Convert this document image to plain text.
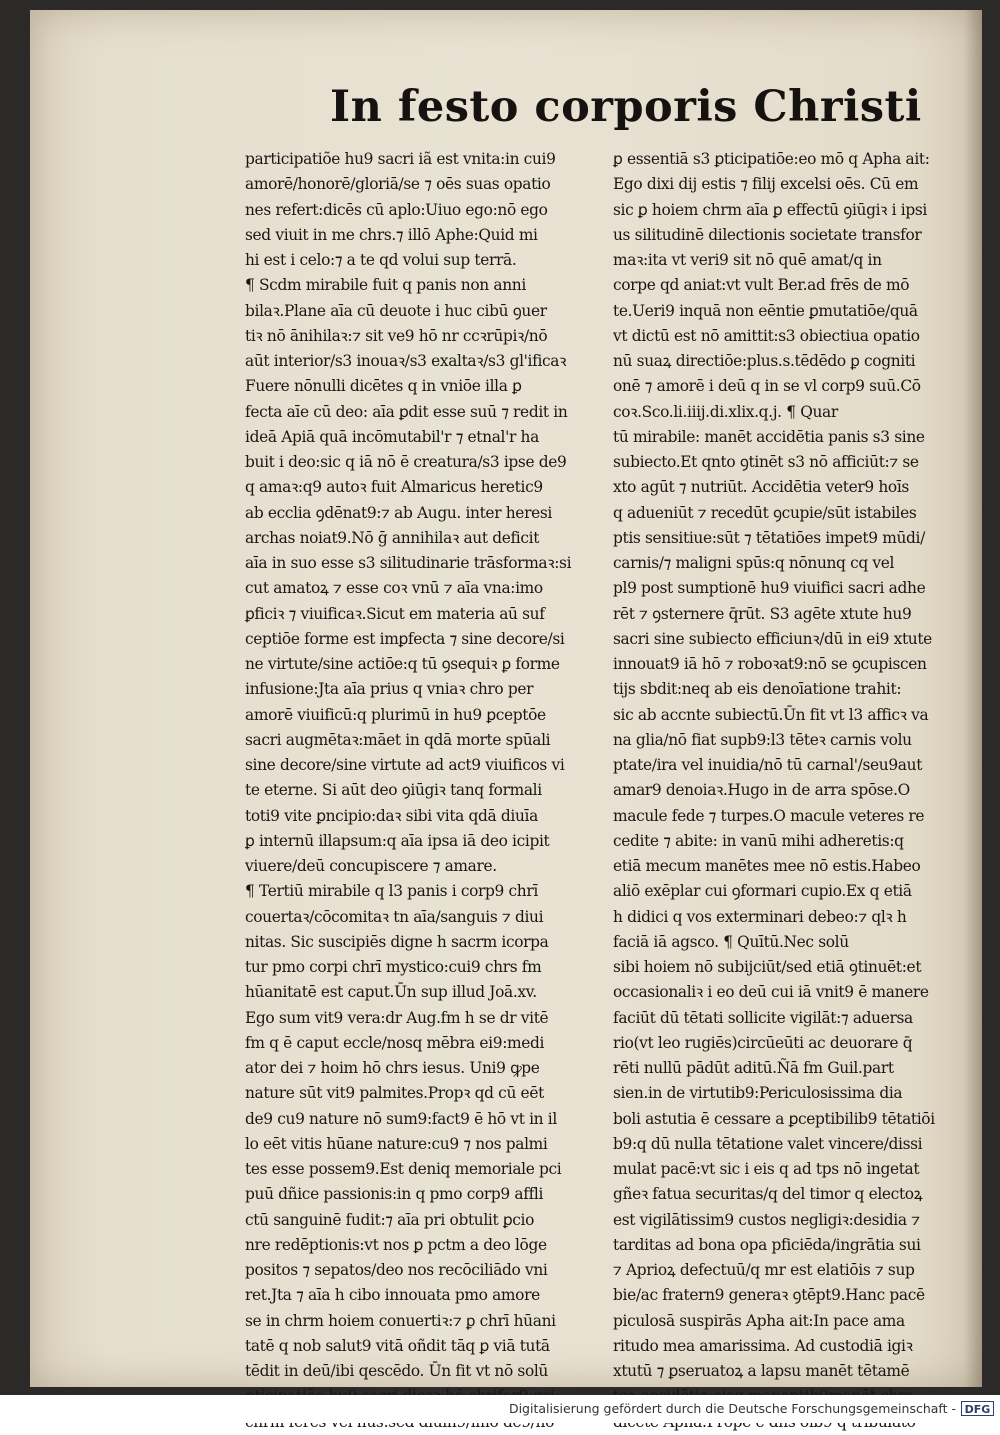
In festo corporis Christi
participatiõe hu9 sacri iã est vnita:in cui9
amorē/honorē/gloriā/se ⁊ oēs suas opatio
nes refert:dicēs cū aplo:Uiuo ego:nō ego
sed viuit in me chrs.⁊ illō Aphe:Quid mi
hi est i celo:⁊ a te qd volui sup terrā.
¶ Scdm mirabile fuit q panis non anni
bilaꝛ.Plane aīa cū deuote i huc cibū ꝯuer
tiꝛ nō ānihilaꝛ:⁊ sit ve9 hō nr ccꝛrūpiꝛ/nō
aūt interior/s3 inouaꝛ/s3 exaltaꝛ/s3 gl'ificaꝛ
Fuere nōnulli dicētes q in vniōe illa ꝑ
fecta aīe cū deo: aīa ꝑdit esse suū ⁊ redit in
ideā Apiā quā incōmutabil'r ⁊ etnal'r ha
buit i deo:sic q iā nō ē creatura/s3 ipse de9
q amaꝛ:q9 autoꝛ fuit Almaricus heretic9
ab ecclia ꝯdēnat9:⁊ ab Augu. inter heresi
archas noiat9.Nō ḡ annihilaꝛ aut deficit
aīa in suo esse s3 silitudinarie trāsformaꝛ:si
cut amatoꝝ ⁊ esse coꝛ vnū ⁊ aīa vna:imo
ꝑficiꝛ ⁊ viuificaꝛ.Sicut em materia aū suf
ceptiōe forme est imꝑfecta ⁊ sine decore/si
ne virtute/sine actiōe:q tū ꝯsequiꝛ ꝑ forme
infusione:Jta aīa prius q vniaꝛ chro per
amorē viuificū:q plurimū in hu9 ꝑceptōe
sacri augmētaꝛ:māet in qdā morte spūali
sine decore/sine virtute ad act9 viuificos vi
te eterne. Si aūt deo ꝯiūgiꝛ tanq formali
toti9 vite ꝑncipio:daꝛ sibi vita qdā diuīa
ꝑ internū illapsum:q aīa ipsa iā deo icipit
viuere/deū concupiscere ⁊ amare.
¶ Tertiū mirabile q l3 panis i corp9 chrī
couertaꝛ/cōcomitaꝛ tn aīa/sanguis ⁊ diui
nitas. Sic suscipiēs digne h sacrm icorpa
tur pmo corpi chrī mystico:cui9 chrs fm
hūanitatē est caput.Ūn sup illud Joā.xv.
Ego sum vit9 vera:dr Aug.fm h se dr vitē
fm q ē caput eccle/nosq mēbra ei9:medi
ator dei ⁊ hoim hō chrs iesus. Uni9 ꝙpe
nature sūt vit9 palmites.Propꝛ qd cū eēt
de9 cu9 nature nō sum9:fact9 ē hō vt in il
lo eēt vitis hūane nature:cu9 ⁊ nos palmi
tes esse possem9.Est deniq memoriale pci
puū dñice passionis:in q pmo corp9 affli
ctū sanguinē fudit:⁊ aīa pri obtulit ꝑcio
nre redēptionis:vt nos ꝑ pctm a deo lōge
positos ⁊ sepatos/deo nos recōciliādo vni
ret.Jta ⁊ aīa h cibo innouata pmo amore
se in chrm hoiem conuertiꝛ:⁊ ꝑ chrī hūani
tatē q nob salut9 vitā oñdit tāq ꝑ viā tutā
tēdit in deū/ibi qescēdo. Ūn fit vt nō solū
ꝑ essentiā s3 ꝑticipatiōe:eo mō q Apha ait:
Ego dixi dij estis ⁊ filij excelsi oēs. Cū em
sic ꝑ hoiem chrm aīa ꝑ effectū ꝯiūgiꝛ i ipsi
us silitudinē dilectionis societate transfor
maꝛ:ita vt veri9 sit nō quē amat/q in
corpe qd aniat:vt vult Ber.ad frēs de mō
te.Ueri9 inquā non eēntie ꝑmutatiōe/quā
vt dictū est nō amittit:s3 obiectiua opatio
nū suaꝝ directiōe:plus.s.tēdēdo ꝑ cogniti
onē ⁊ amorē i deū q in se vl corp9 suū.Cō
coꝛ.Sco.li.iiij.di.xlix.q.j. ¶ Quar
tū mirabile: manēt accidētia panis s3 sine
subiecto.Et qnto ꝯtinēt s3 nō afficiūt:⁊ se
xto agūt ⁊ nutriūt. Accidētia veter9 hoīs
q adueniūt ⁊ recedūt ꝯcupie/sūt istabiles
ptis sensitiue:sūt ⁊ tētatiōes impet9 mūdi/
carnis/⁊ maligni spūs:q nōnunq cq vel
pl9 post sumptionē hu9 viuifici sacri adhe
rēt ⁊ ꝯsternere q̄rūt. S3 agēte xtute hu9
sacri sine subiecto efficiunꝛ/dū in ei9 xtute
innouat9 iā hō ⁊ roboꝛat9:nō se ꝯcupiscen
tijs sbdit:neq ab eis denoīatione trahit:
sic ab accnte subiectū.Ūn fit vt l3 afficꝛ va
na glia/nō fiat supb9:l3 tēteꝛ carnis volu
ptate/ira vel inuidia/nō tū carnal'/seu9aut
amar9 denoiaꝛ.Hugo in de arra spōse.O
macule fede ⁊ turpes.O macule veteres re
cedite ⁊ abite: in vanū mihi adheretis:q
etiā mecum manētes mee nō estis.Habeo
aliō exēplar cui ꝯformari cupio.Ex q etiā
h didici q vos exterminari debeo:⁊ qlꝛ h
faciā iā agsco. ¶ Quītū.Nec solū
sibi hoiem nō subijciūt/sed etiā ꝯtinuēt:et
occasionaliꝛ i eo deū cui iā vnit9 ē manere
faciūt dū tētati sollicite vigilāt:⁊ aduersa
rio(vt leo rugiēs)circūeūti ac deuorare q̄
rēti nullū pādūt aditū.Ñā fm Guil.part
sien.in de virtutib9:Periculosissima dia
boli astutia ē cessare a ꝑceptibilib9 tētatiōi
b9:q dū nulla tētatione valet vincere/dissi
mulat pacē:vt sic i eis q ad tps nō ingetat
gñeꝛ fatua securitas/q del timor q electoꝝ
est vigilātissim9 custos negligiꝛ:desidia ⁊
tarditas ad bona opa pficiēda/ingrātia sui
⁊ Aprioꝝ defectuū/q mr est elatiōis ⁊ sup
bie/ac fratern9 generaꝛ ꝯtēpt9.Hanc pacē
piculosā suspirās Apha ait:In pace ama
ritudo mea amarissima. Ad custodiā igiꝛ
xtutū ⁊ ꝑseruatoꝝ a lapsu manēt tētamē
Digitalisierung gefördert durch die Deutsche Forschungsgemeinschaft - DFG
